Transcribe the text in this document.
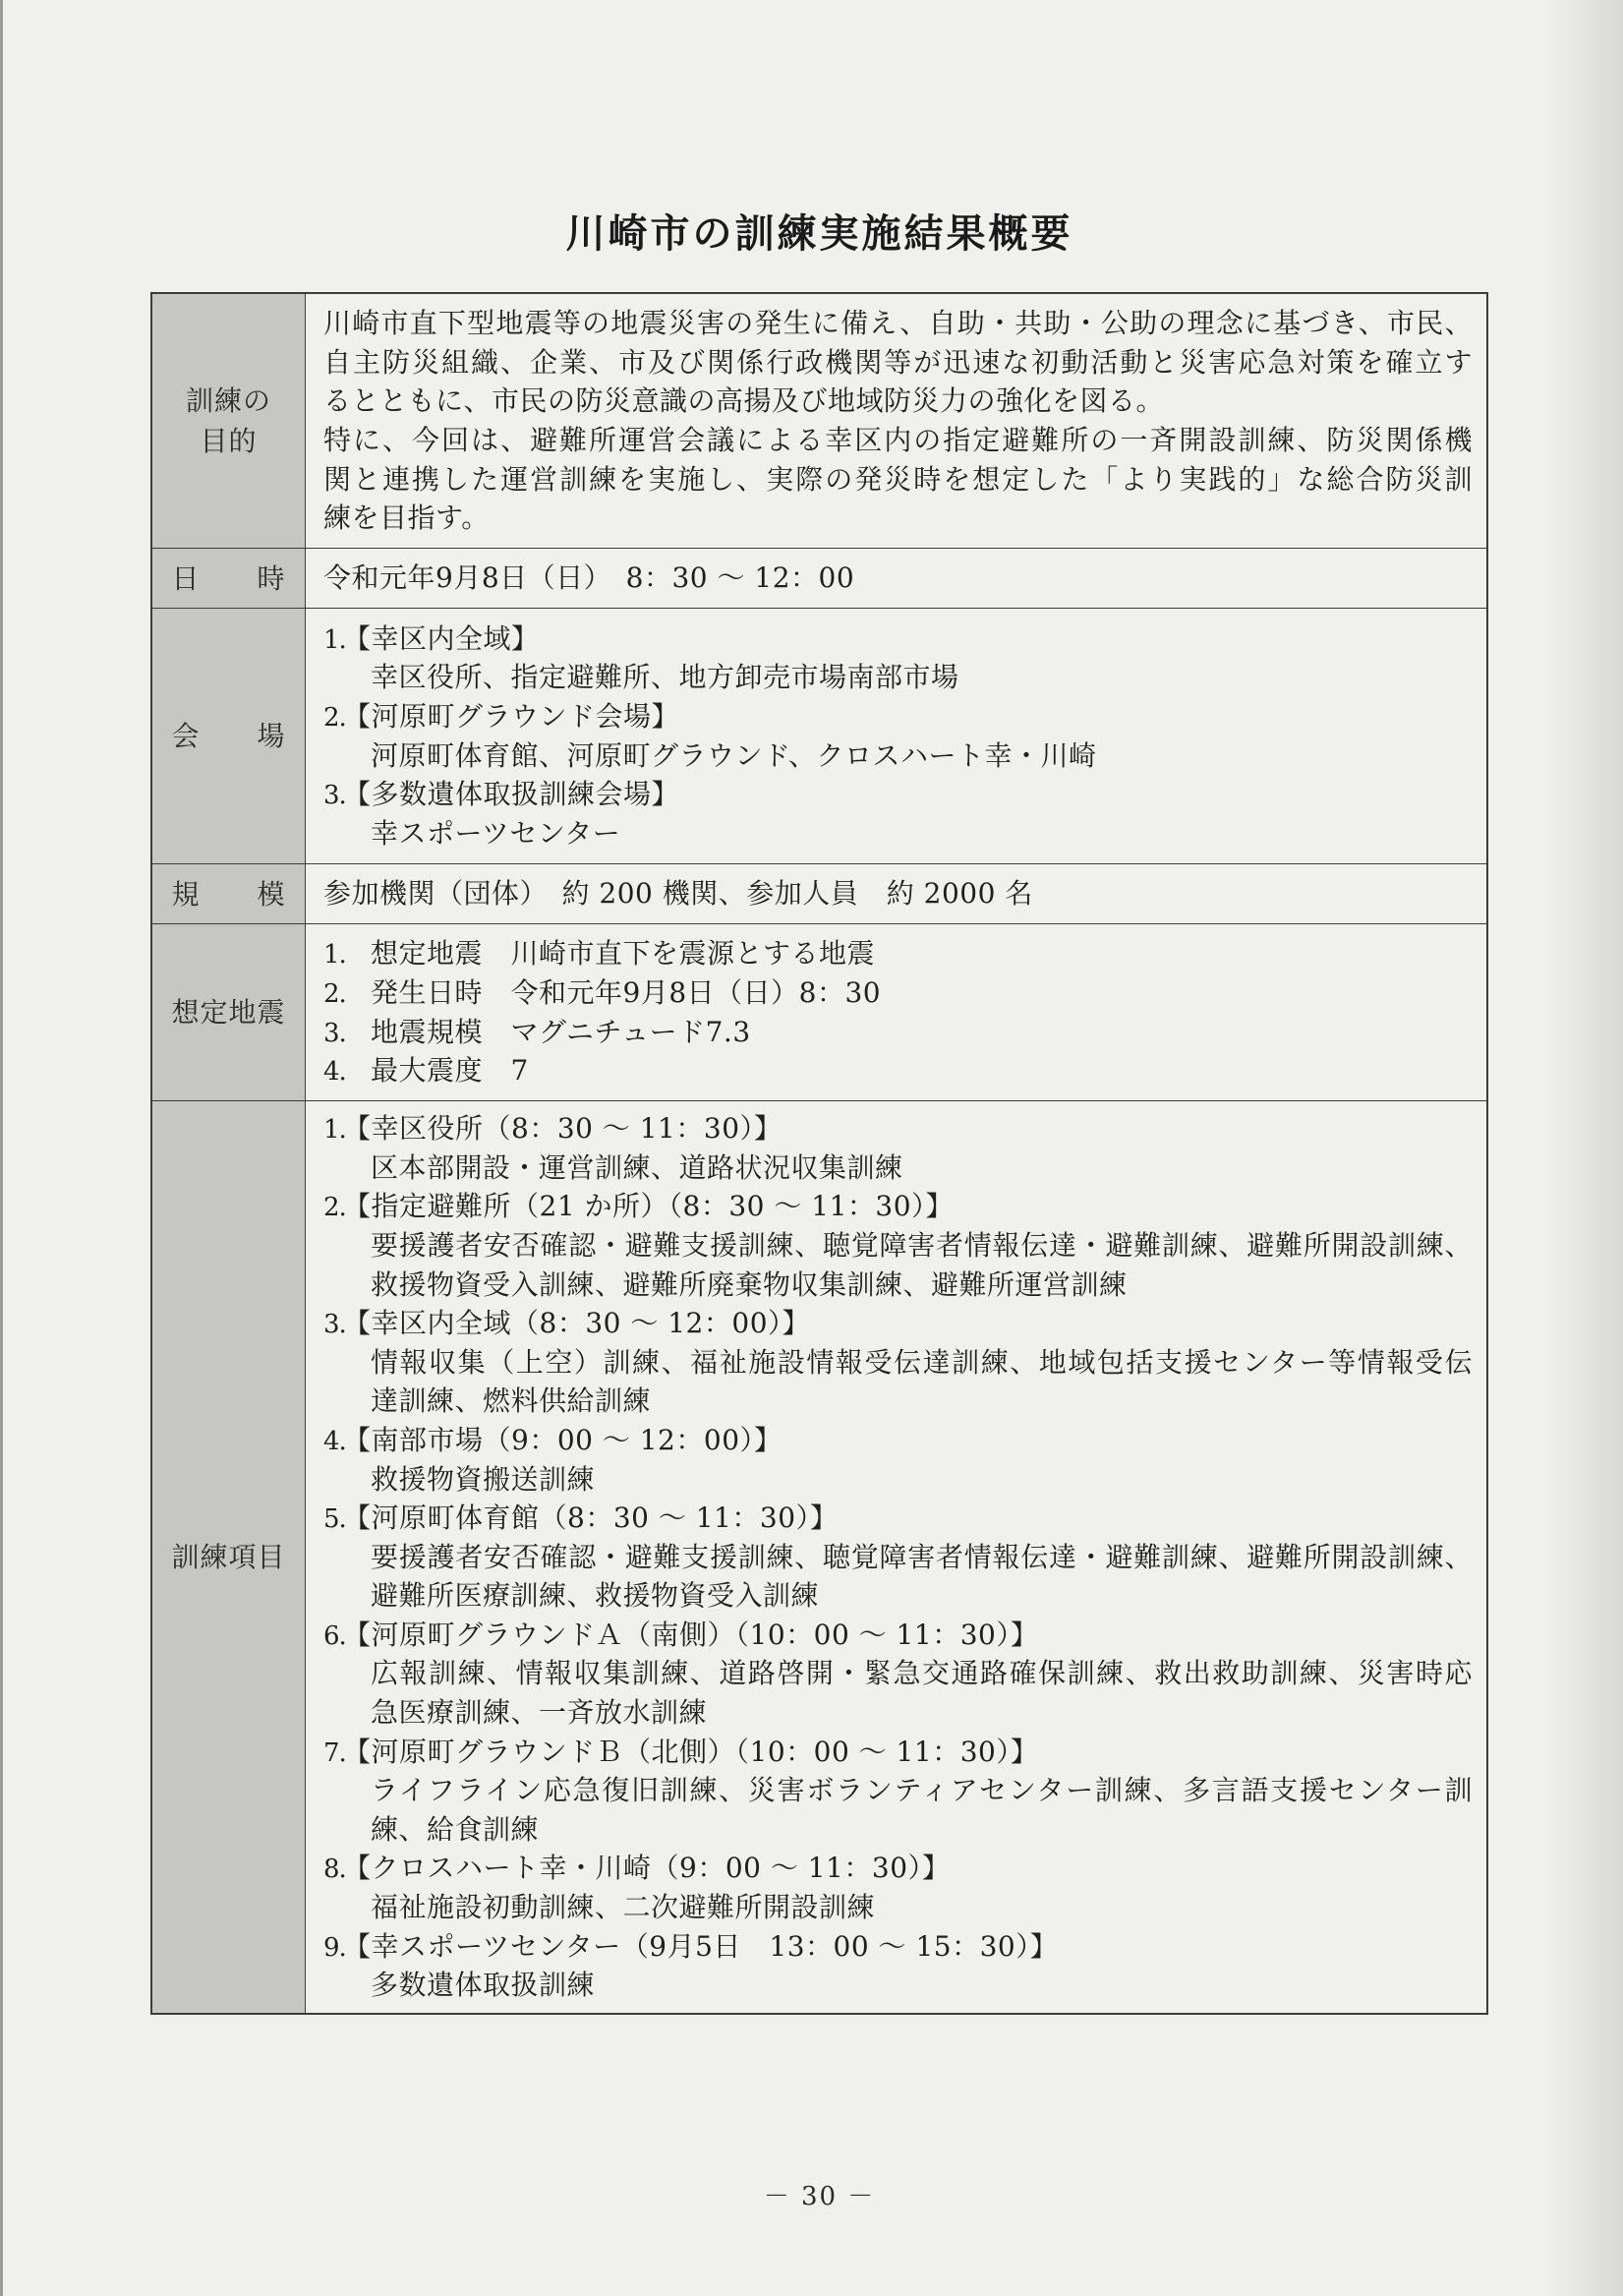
川崎市の訓練実施結果概要
訓練の
目的
川崎市直下型地震等の地震災害の発生に備え、自助・共助・公助の理念に基づき、市民、
自主防災組織、企業、市及び関係行政機関等が迅速な初動活動と災害応急対策を確立す
るとともに、市民の防災意識の高揚及び地域防災力の強化を図る。
特に、今回は、避難所運営会議による幸区内の指定避難所の一斉開設訓練、防災関係機
関と連携した運営訓練を実施し、実際の発災時を想定した「より実践的」な総合防災訓
練を目指す。
日　　時	令和元年9月8日（日）　8：30 ～ 12：00
会　　場
1.【幸区内全域】
幸区役所、指定避難所、地方卸売市場南部市場
2.【河原町グラウンド会場】
河原町体育館、河原町グラウンド、クロスハート幸・川崎
3.【多数遺体取扱訓練会場】
幸スポーツセンター
規　　模	参加機関（団体）　約 200 機関、参加人員　約 2000 名
想定地震
1. 想定地震　川崎市直下を震源とする地震
2. 発生日時　令和元年9月8日（日）8：30
3. 地震規模　マグニチュード7.3
4. 最大震度　7
訓練項目
1.【幸区役所（8：30 ～ 11：30）】
区本部開設・運営訓練、道路状況収集訓練
2.【指定避難所（21 か所）（8：30 ～ 11：30）】
要援護者安否確認・避難支援訓練、聴覚障害者情報伝達・避難訓練、避難所開設訓練、
救援物資受入訓練、避難所廃棄物収集訓練、避難所運営訓練
3.【幸区内全域（8：30 ～ 12：00）】
情報収集（上空）訓練、福祉施設情報受伝達訓練、地域包括支援センター等情報受伝
達訓練、燃料供給訓練
4.【南部市場（9：00 ～ 12：00）】
救援物資搬送訓練
5.【河原町体育館（8：30 ～ 11：30）】
要援護者安否確認・避難支援訓練、聴覚障害者情報伝達・避難訓練、避難所開設訓練、
避難所医療訓練、救援物資受入訓練
6.【河原町グラウンドＡ（南側）（10：00 ～ 11：30）】
広報訓練、情報収集訓練、道路啓開・緊急交通路確保訓練、救出救助訓練、災害時応
急医療訓練、一斉放水訓練
7.【河原町グラウンドＢ（北側）（10：00 ～ 11：30）】
ライフライン応急復旧訓練、災害ボランティアセンター訓練、多言語支援センター訓
練、給食訓練
8.【クロスハート幸・川崎（9：00 ～ 11：30）】
福祉施設初動訓練、二次避難所開設訓練
9.【幸スポーツセンター（9月5日　13：00 ～ 15：30）】
多数遺体取扱訓練
－ 30 －
